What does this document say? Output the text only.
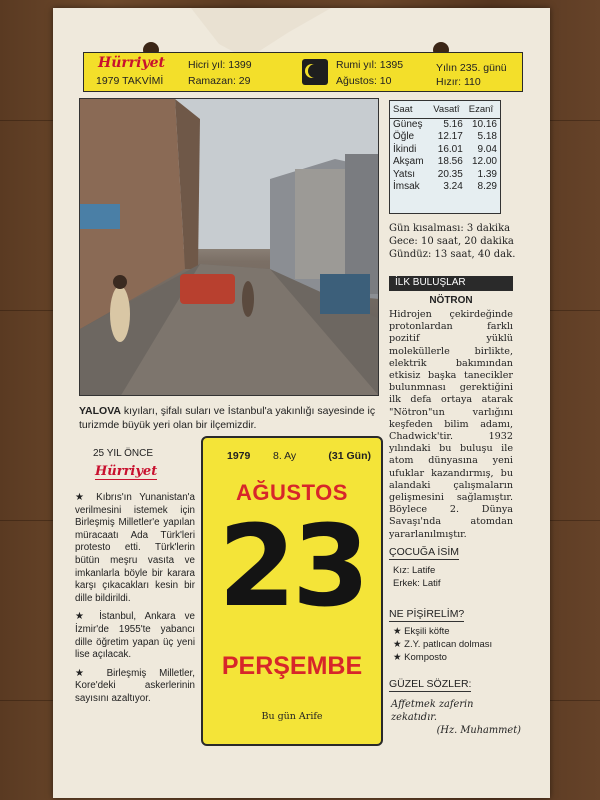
Hürriyet
1979 TAKVİMİ
Hicri yıl: 1399
Ramazan: 29
Rumi yıl: 1395
Ağustos: 10
Yılın 235. günü
Hızır: 110
YALOVA kıyıları, şifalı suları ve İstanbul'a yakınlığı sayesinde iç turizmde büyük yeri olan bir ilçemizdir.
Saat	Vasatî	Ezanî
Güneş	5.16	10.16
Öğle	12.17	5.18
İkindi	16.01	9.04
Akşam	18.56	12.00
Yatsı	20.35	1.39
İmsak	3.24	8.29
Gün kısalması: 3 dakika
Gece: 10 saat, 20 dakika
Gündüz: 13 saat, 40 dak.
İLK BULUŞLAR
NÖTRON
Hidrojen çekirdeğinde protonlardan farklı pozitif yüklü moleküllerle birlikte, elektrik bakımından etkisiz başka tanecikler bulunmnası gerektiğini ilk defa ortaya atarak "Nötron"un varlığını keşfeden bilim adamı, Chadwick'tir. 1932 yılındaki bu buluşu ile atom dünyasına yeni ufuklar kazandırmış, bu alandaki çalışmaların gelişmesini sağlamıştır. Böylece 2. Dünya Savaşı'nda atomdan yararlanılmıştır.
25 YIL ÖNCE
Hürriyet

★ Kıbrıs'ın Yunanistan'a verilmesini istemek için Birleşmiş Milletler'e yapılan müracaatı Ada Türk'leri protesto etti. Türk'lerin bütün meşru vasıta ve imkanlarla böyle bir karara karşı çıkacakları kesin bir dille bildirildi.

★ İstanbul, Ankara ve İzmir'de 1955'te yabancı dille öğretim yapan üç yeni lise açılacak.

★ Birleşmiş Milletler, Kore'deki askerlerinin sayısını azaltıyor.

1979 8. Ay	(31 Gün)
AĞUSTOS
23
PERŞEMBE
Bu gün Arife
ÇOCUĞA İSİM
Kız: Latife
Erkek: Latif
NE PİŞİRELİM?
★ Ekşili köfte
★ Z.Y. patlıcan dolması
★ Komposto
GÜZEL SÖZLER:
Affetmek zaferin zekatıdır.
(Hz. Muhammet)
